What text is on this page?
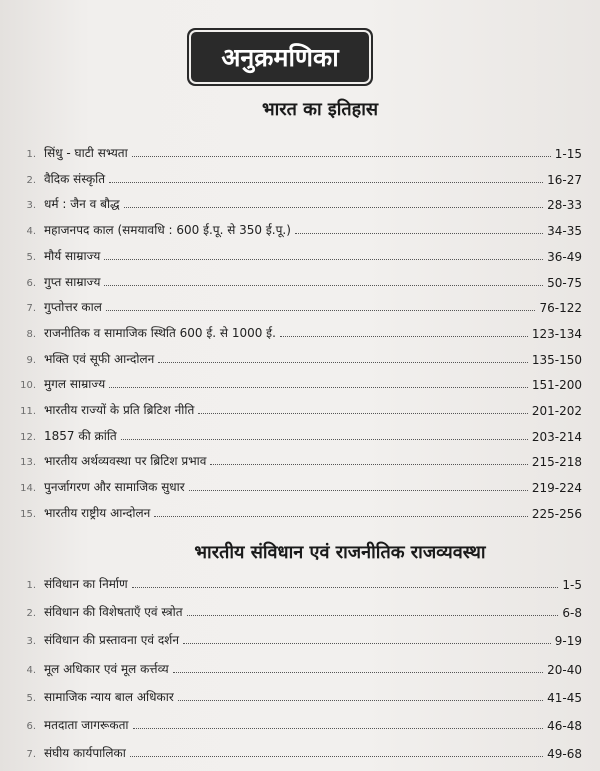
अनुक्रमणिका
भारत का इतिहास
1. सिंधु - घाटी सभ्यता	1-15
2. वैदिक संस्कृति	16-27
3. धर्म : जैन व बौद्ध	28-33
4. महाजनपद काल (समयावधि : 600 ई.पू. से 350 ई.पू.)	34-35
5. मौर्य साम्राज्य	36-49
6. गुप्त साम्राज्य	50-75
7. गुप्तोत्तर काल	76-122
8. राजनीतिक व सामाजिक स्थिति 600 ई. से 1000 ई.	123-134
9. भक्ति एवं सूफी आन्दोलन	135-150
10. मुगल साम्राज्य	151-200
11. भारतीय राज्यों के प्रति ब्रिटिश नीति	201-202
12. 1857 की क्रांति	203-214
13. भारतीय अर्थव्यवस्था पर ब्रिटिश प्रभाव	215-218
14. पुनर्जागरण और सामाजिक सुधार	219-224
15. भारतीय राष्ट्रीय आन्दोलन	225-256
भारतीय संविधान एवं राजनीतिक राजव्यवस्था
1. संविधान का निर्माण	1-5
2. संविधान की विशेषताएँ एवं स्त्रोत	6-8
3. संविधान की प्रस्तावना एवं दर्शन	9-19
4. मूल अधिकार एवं मूल कर्त्तव्य	20-40
5. सामाजिक न्याय बाल अधिकार	41-45
6. मतदाता जागरूकता	46-48
7. संघीय कार्यपालिका	49-68
